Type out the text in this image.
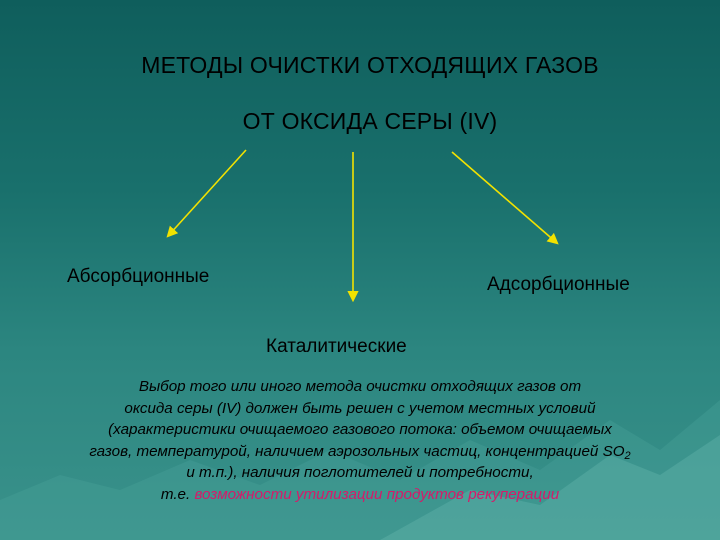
МЕТОДЫ ОЧИСТКИ ОТХОДЯЩИХ ГАЗОВ
ОТ ОКСИДА СЕРЫ (IV)
Абсорбционные	Адсорбционные
Каталитические
Выбор того или иного метода очистки отходящих газов от
оксида серы (IV) должен быть решен с учетом местных условий
(характеристики очищаемого газового потока: объемом очищаемых
газов, температурой, наличием аэрозольных частиц, концентрацией $SO_2$
и т.п.), наличия поглотителей и потребности,
т.е. возможности утилизации продуктов рекуперации
